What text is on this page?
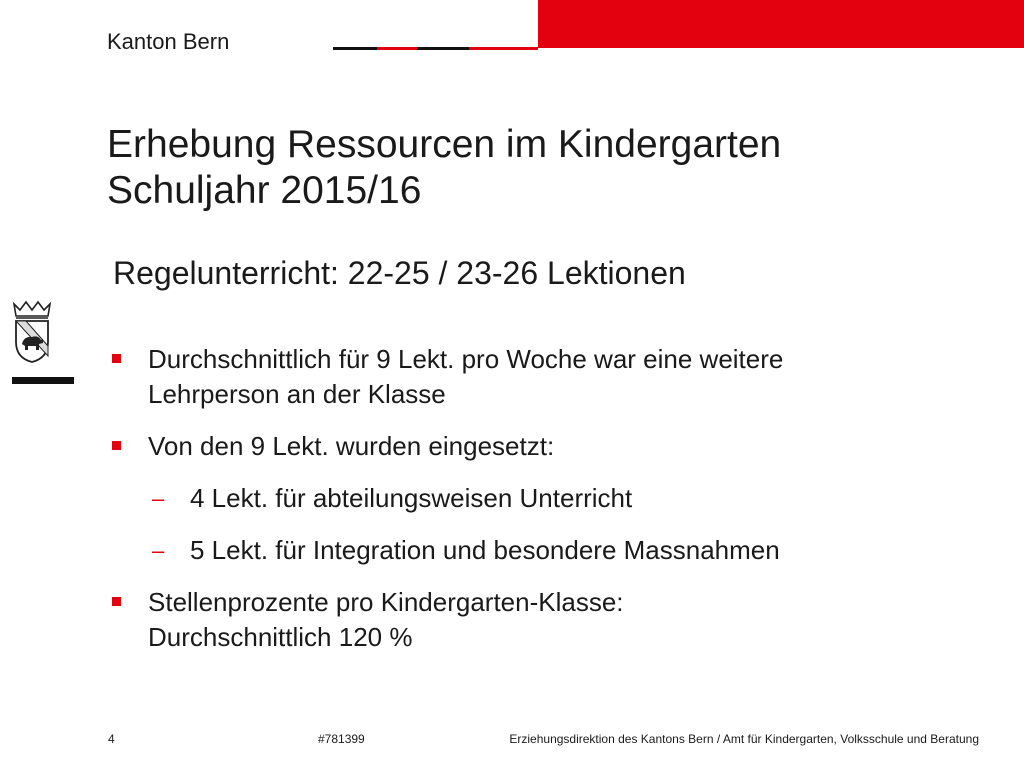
Kanton Bern
Erhebung Ressourcen im Kindergarten
Schuljahr 2015/16
Regelunterricht: 22-25 / 23-26 Lektionen
Durchschnittlich für 9 Lekt. pro Woche war eine weitere
Lehrperson an der Klasse
Von den 9 Lekt. wurden eingesetzt:
– 4 Lekt. für abteilungsweisen Unterricht
– 5 Lekt. für Integration und besondere Massnahmen
Stellenprozente pro Kindergarten-Klasse:
Durchschnittlich 120 %
4	#781399	Erziehungsdirektion des Kantons Bern / Amt für Kindergarten, Volksschule und Beratung
